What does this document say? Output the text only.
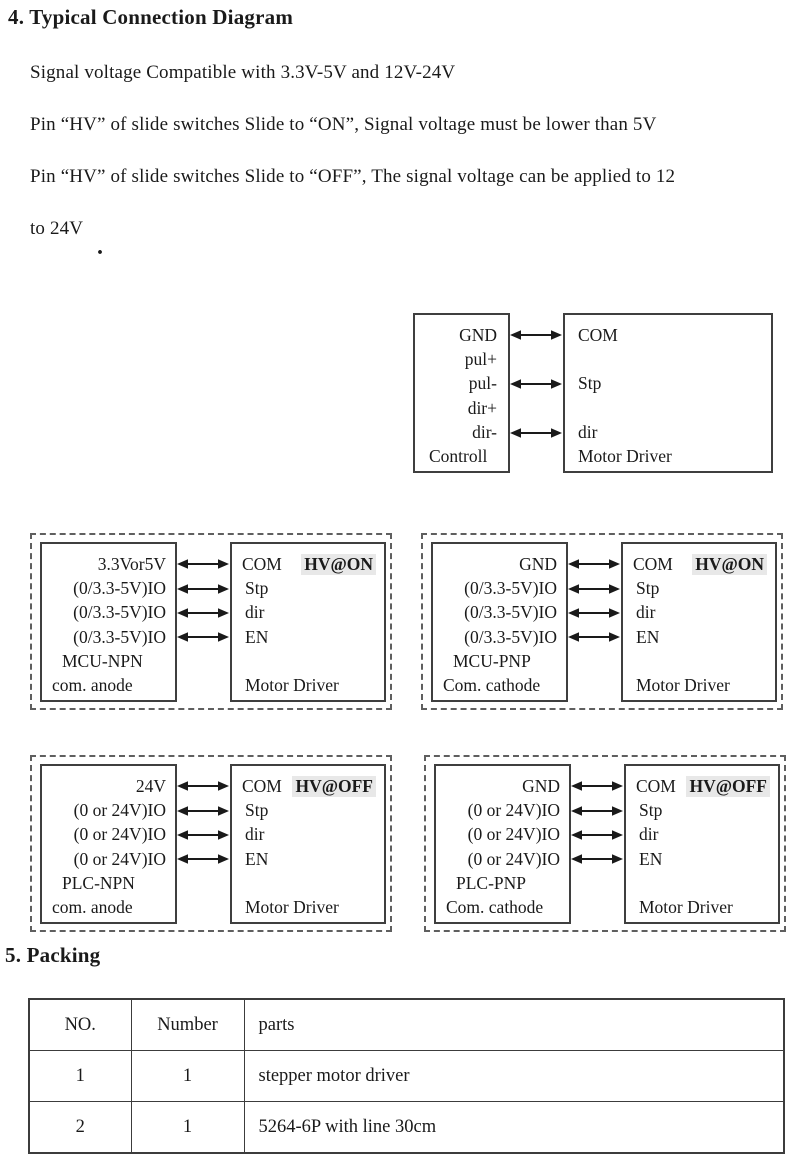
4. Typical Connection Diagram
Signal voltage Compatible with 3.3V-5V and 12V-24V
Pin “HV” of slide switches Slide to “ON”, Signal voltage must be lower than 5V
Pin “HV” of slide switches Slide to “OFF”, The signal voltage can be applied to 12
to 24V
.
GND
pul+
pul-
dir+
dir-
Controll
COM
Stp
dir
Motor Driver
3.3Vor5V
(0/3.3-5V)IO
(0/3.3-5V)IO
(0/3.3-5V)IO
MCU-NPN
com. anode
COM HV@ON
Stp
dir
EN
Motor Driver
GND
(0/3.3-5V)IO
(0/3.3-5V)IO
(0/3.3-5V)IO
MCU-PNP
Com. cathode
COM HV@ON
Stp
dir
EN
Motor Driver
24V
(0 or 24V)IO
(0 or 24V)IO
(0 or 24V)IO
PLC-NPN
com. anode
COM HV@OFF
Stp
dir
EN
Motor Driver
GND
(0 or 24V)IO
(0 or 24V)IO
(0 or 24V)IO
PLC-PNP
Com. cathode
COM HV@OFF
Stp
dir
EN
Motor Driver
5. Packing
NO.	Number	parts
1	1	stepper motor driver
2	1	5264-6P with line 30cm
